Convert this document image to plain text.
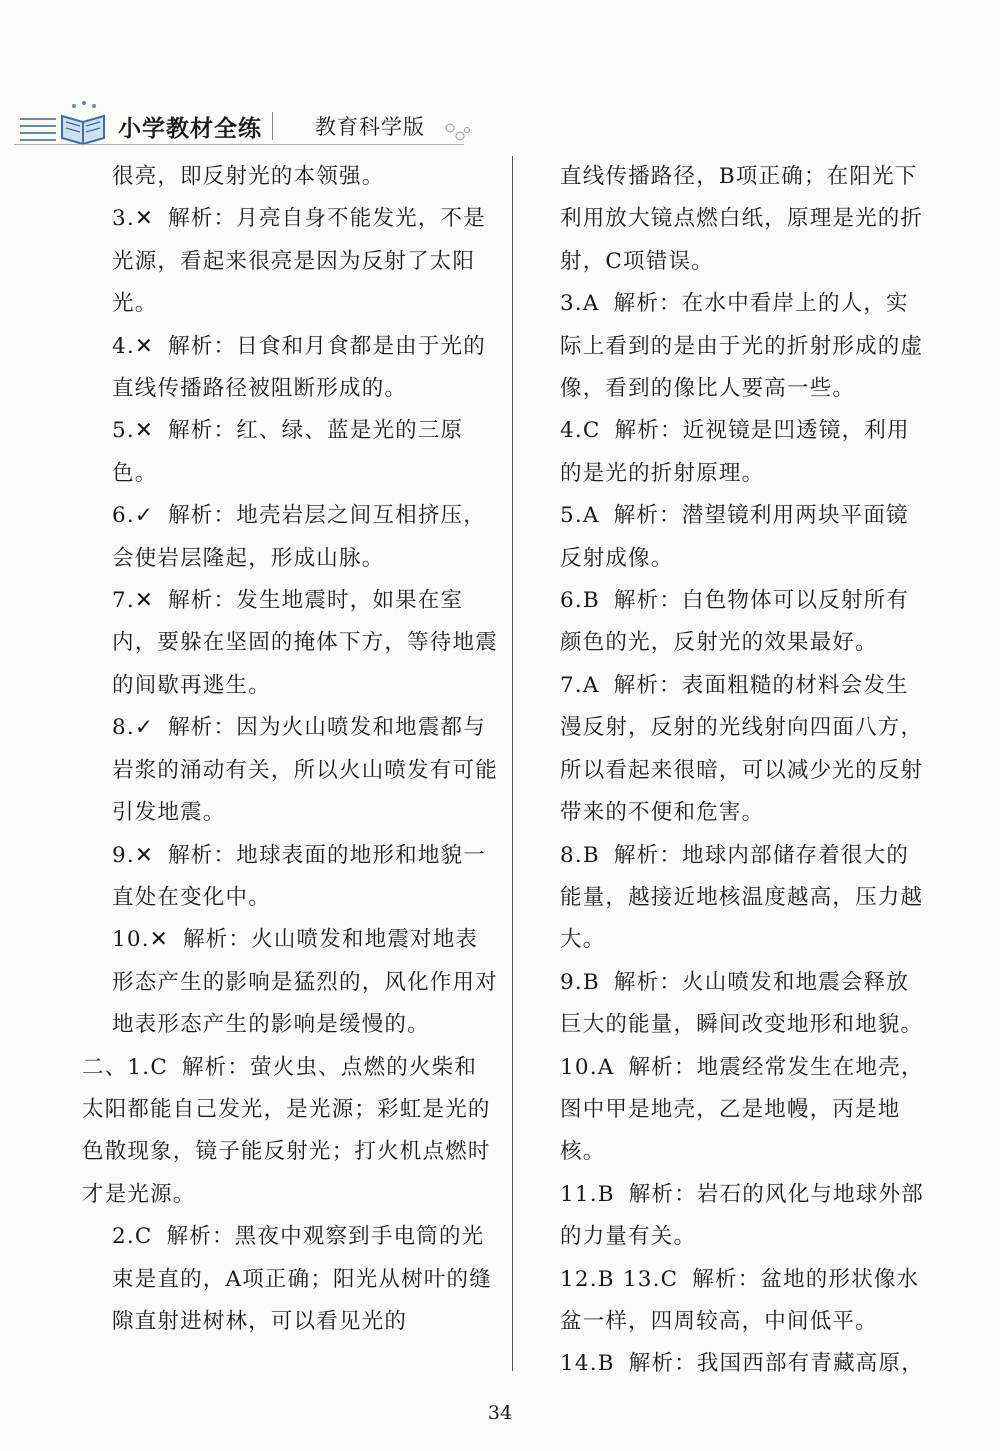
小学教材全练	教育科学版

很亮，即反射光的本领强。

3.✕ 解析：月亮自身不能发光，不是光源，看起来很亮是因为反射了太阳光。

4.✕ 解析：日食和月食都是由于光的直线传播路径被阻断形成的。

5.✕ 解析：红、绿、蓝是光的三原色。

6.✓ 解析：地壳岩层之间互相挤压，会使岩层隆起，形成山脉。

7.✕ 解析：发生地震时，如果在室内，要躲在坚固的掩体下方，等待地震的间歇再逃生。

8.✓ 解析：因为火山喷发和地震都与岩浆的涌动有关，所以火山喷发有可能引发地震。

9.✕ 解析：地球表面的地形和地貌一直处在变化中。

10.✕ 解析：火山喷发和地震对地表形态产生的影响是猛烈的，风化作用对地表形态产生的影响是缓慢的。

二、1.C 解析：萤火虫、点燃的火柴和太阳都能自己发光，是光源；彩虹是光的色散现象，镜子能反射光；打火机点燃时才是光源。

2.C 解析：黑夜中观察到手电筒的光束是直的，A项正确；阳光从树叶的缝隙直射进树林，可以看见光的

直线传播路径，B项正确；在阳光下利用放大镜点燃白纸，原理是光的折射，C项错误。

3.A 解析：在水中看岸上的人，实际上看到的是由于光的折射形成的虚像，看到的像比人要高一些。

4.C 解析：近视镜是凹透镜，利用的是光的折射原理。

5.A 解析：潜望镜利用两块平面镜反射成像。

6.B 解析：白色物体可以反射所有颜色的光，反射光的效果最好。

7.A 解析：表面粗糙的材料会发生漫反射，反射的光线射向四面八方，所以看起来很暗，可以减少光的反射带来的不便和危害。

8.B 解析：地球内部储存着很大的能量，越接近地核温度越高，压力越大。

9.B 解析：火山喷发和地震会释放巨大的能量，瞬间改变地形和地貌。

10.A 解析：地震经常发生在地壳，图中甲是地壳，乙是地幔，丙是地核。

11.B 解析：岩石的风化与地球外部的力量有关。

12.B 13.C 解析：盆地的形状像水盆一样，四周较高，中间低平。

14.B 解析：我国西部有青藏高原，

34
